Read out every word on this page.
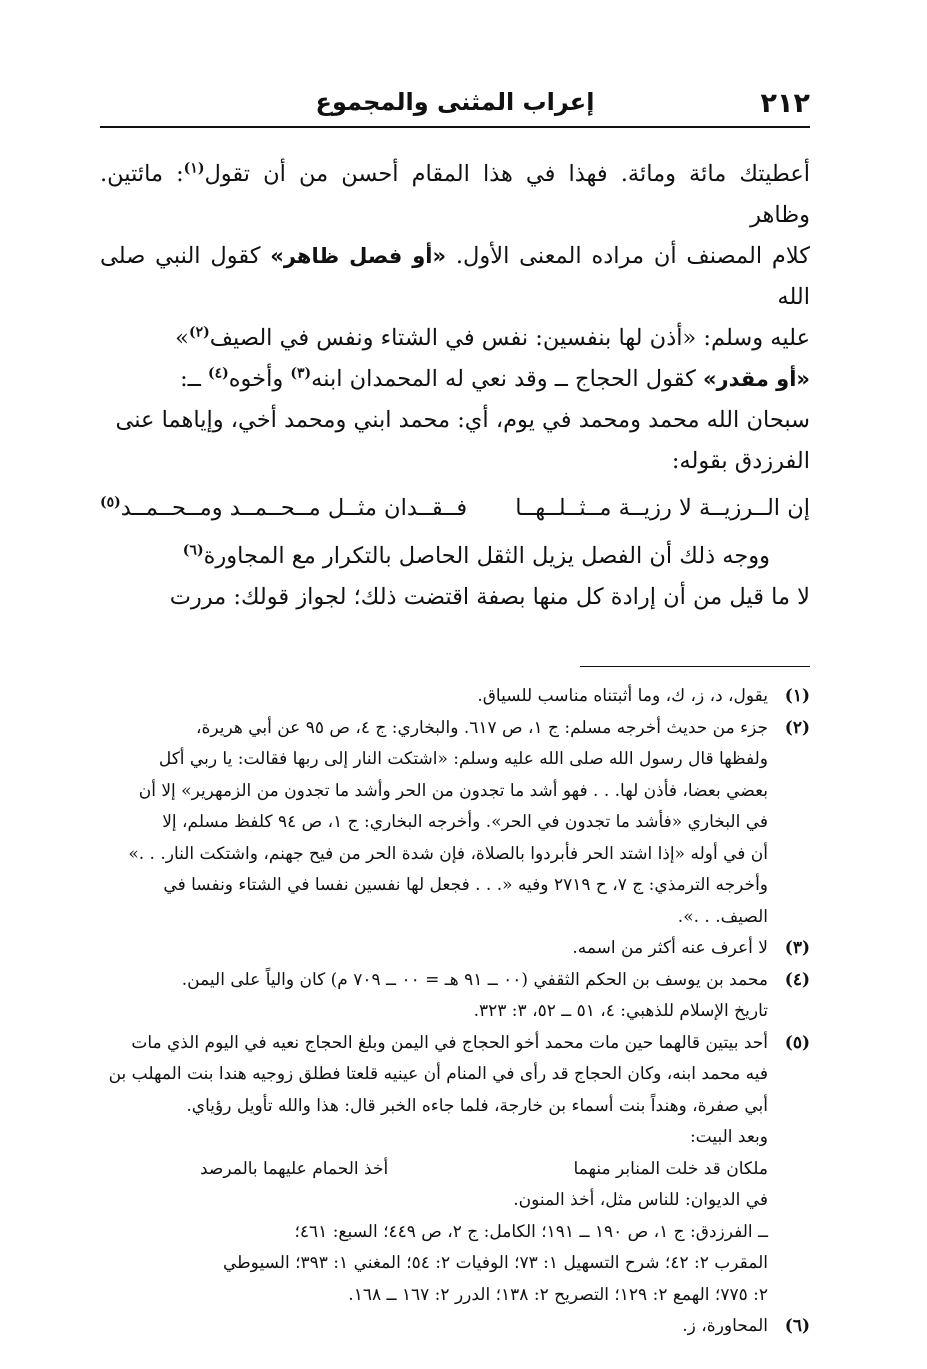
٢١٢
إعراب المثنى والمجموع

أعطيتك مائة ومائة. فهذا في هذا المقام أحسن من أن تقول$^{(١)}$: مائتين. وظاهر

كلام المصنف أن مراده المعنى الأول. «أو فصل ظاهر» كقول النبي صلى الله

عليه وسلم: «أذن لها بنفسين: نفس في الشتاء ونفس في الصيف$^{(٢)}$»

«أو مقدر» كقول الحجاج ــ وقد نعي له المحمدان ابنه$^{(٣)}$ وأخوه$^{(٤)}$ ــ:

سبحان الله محمد ومحمد في يوم، أي: محمد ابني ومحمد أخي، وإياهما عنى

الفرزدق بقوله:

إن الــرزيــة لا رزيــة مــثــلــهــا
فــقــدان مثــل مــحــمــد ومــحــمــد$^{(٥)}$

ووجه ذلك أن الفصل يزيل الثقل الحاصل بالتكرار مع المجاورة$^{(٦)}$

لا ما قيل من أن إرادة كل منها بصفة اقتضت ذلك؛ لجواز قولك: مررت

(١)

يقول، د، ز، ك، وما أثبتناه مناسب للسياق.

(٢)

جزء من حديث أخرجه مسلم: ج ١، ص ٦١٧. والبخاري: ج ٤، ص ٩٥ عن أبي هريرة،

ولفظها قال رسول الله صلى الله عليه وسلم: «اشتكت النار إلى ربها فقالت: يا ربي أكل

بعضي بعضا، فأذن لها. . . فهو أشد ما تجدون من الحر وأشد ما تجدون من الزمهرير» إلا أن

في البخاري «فأشد ما تجدون في الحر». وأخرجه البخاري: ج ١، ص ٩٤ كلفظ مسلم، إلا

أن في أوله «إذا اشتد الحر فأبردوا بالصلاة، فإن شدة الحر من فيح جهنم، واشتكت النار. . .»

وأخرجه الترمذي: ج ٧، ح ٢٧١٩ وفيه «. . . فجعل لها نفسين نفسا في الشتاء ونفسا في

الصيف. . .».

(٣)

لا أعرف عنه أكثر من اسمه.

(٤)

محمد بن يوسف بن الحكم الثقفي (٠٠ ــ ٩١ هـ = ٠٠ ــ ٧٠٩ م) كان والياً على اليمن.

تاريخ الإسلام للذهبي: ٤، ٥١ ــ ٥٢، ٣: ٣٢٣.

(٥)

أحد بيتين قالهما حين مات محمد أخو الحجاج في اليمن وبلغ الحجاج نعيه في اليوم الذي مات

فيه محمد ابنه، وكان الحجاج قد رأى في المنام أن عينيه قلعتا فطلق زوجيه هندا بنت المهلب بن

أبي صفرة، وهنداً بنت أسماء بن خارجة، فلما جاءه الخبر قال: هذا والله تأويل رؤياي.

وبعد البيت:

ملكان قد خلت المنابر منهما
أخذ الحمام عليهما بالمرصد

في الديوان: للناس مثل، أخذ المنون.

ــ الفرزدق: ج ١، ص ١٩٠ ــ ١٩١؛ الكامل: ج ٢، ص ٤٤٩؛ السبع: ٤٦١؛

المقرب ٢: ٤٢؛ شرح التسهيل ١: ٧٣؛ الوفيات ٢: ٥٤؛ المغني ١: ٣٩٣؛ السيوطي

٢: ٧٧٥؛ الهمع ٢: ١٢٩؛ التصريح ٢: ١٣٨؛ الدرر ٢: ١٦٧ ــ ١٦٨.

(٦)

المحاورة، ز.
